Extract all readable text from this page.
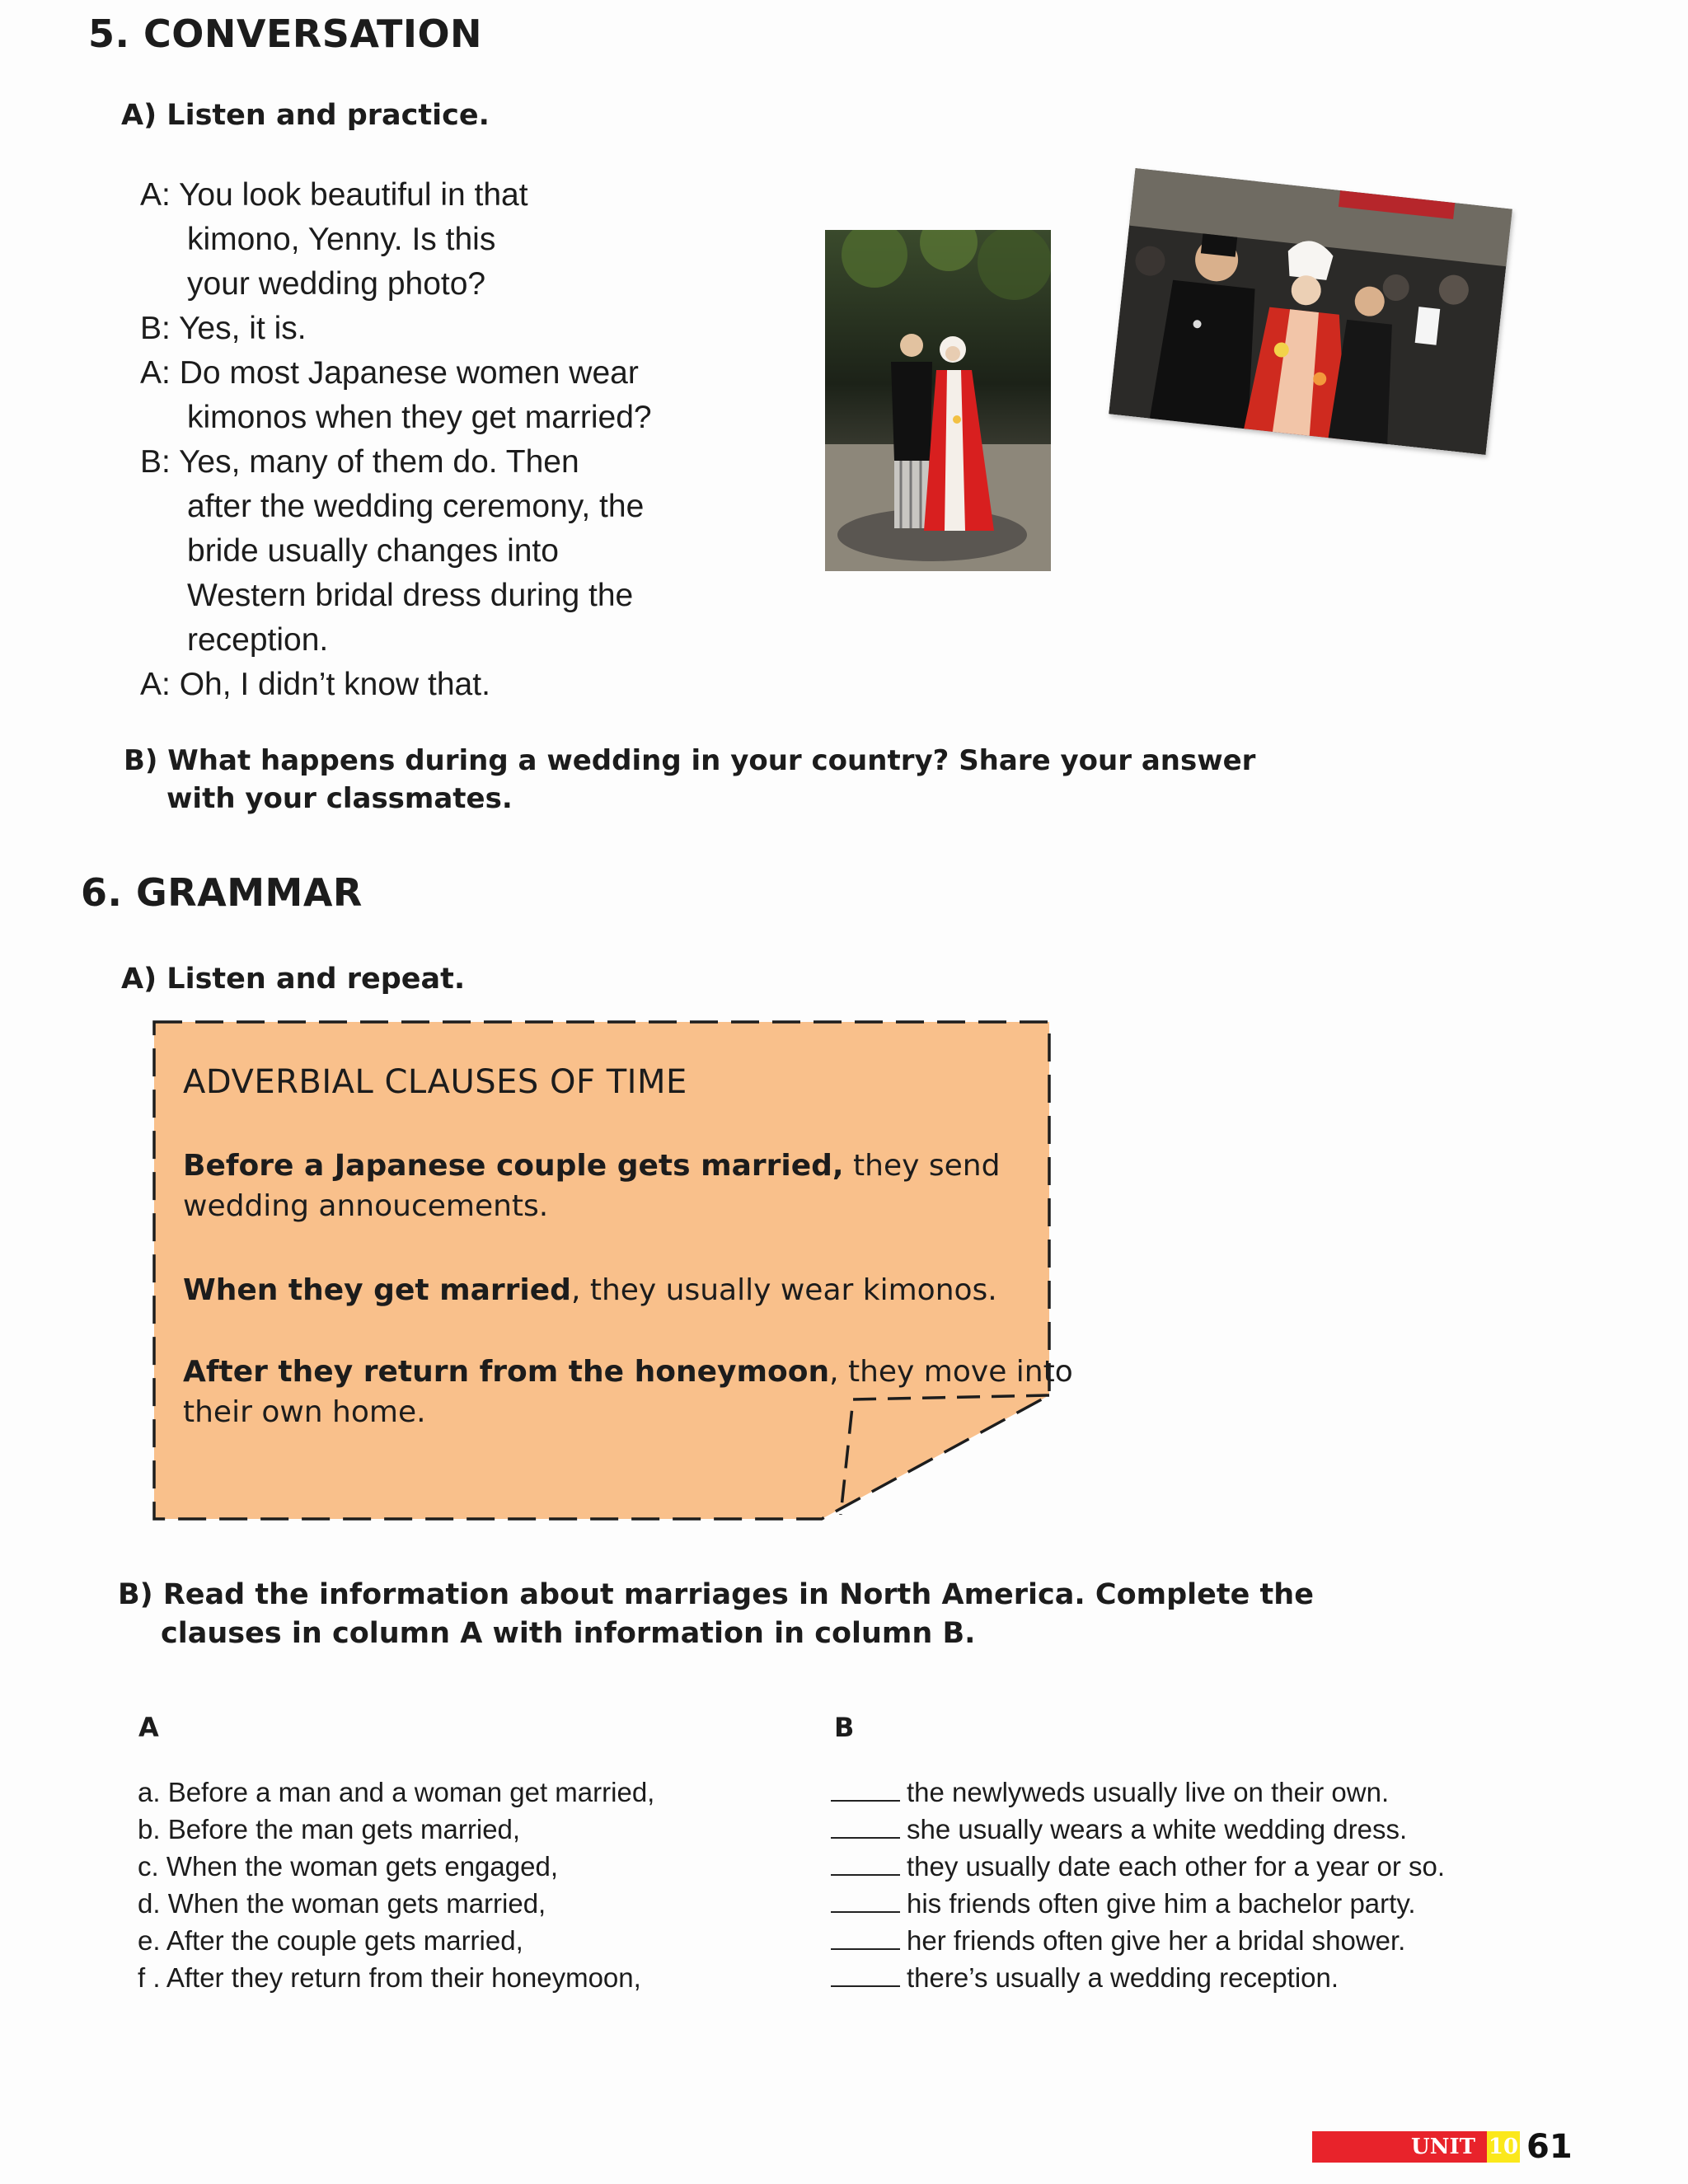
5. CONVERSATION
A) Listen and practice.
A: You look beautiful in that
kimono, Yenny. Is this
your wedding photo?
B: Yes, it is.
A: Do most Japanese women wear
kimonos when they get married?
B: Yes, many of them do. Then
after the wedding ceremony, the
bride usually changes into
Western bridal dress during the
reception.
A: Oh, I didn’t know that.
B) What happens during a wedding in your country? Share your answer
with your classmates.
6. GRAMMAR
A) Listen and repeat.
ADVERBIAL CLAUSES OF TIME
Before a Japanese couple gets married, they send
wedding annoucements.
When they get married, they usually wear kimonos.
After they return from the honeymoon, they move into
their own home.
B) Read the information about marriages in North America. Complete the
clauses in column A with information in column B.
A	B
a. Before a man and a woman get married,
b. Before the man gets married,
c. When the woman gets engaged,
d. When the woman gets married,
e. After the couple gets married,
f . After they return from their honeymoon,
the newlyweds usually live on their own.
she usually wears a white wedding dress.
they usually date each other for a year or so.
his friends often give him a bachelor party.
her friends often give her a bridal shower.
there’s usually a wedding reception.
UNIT 10 61
